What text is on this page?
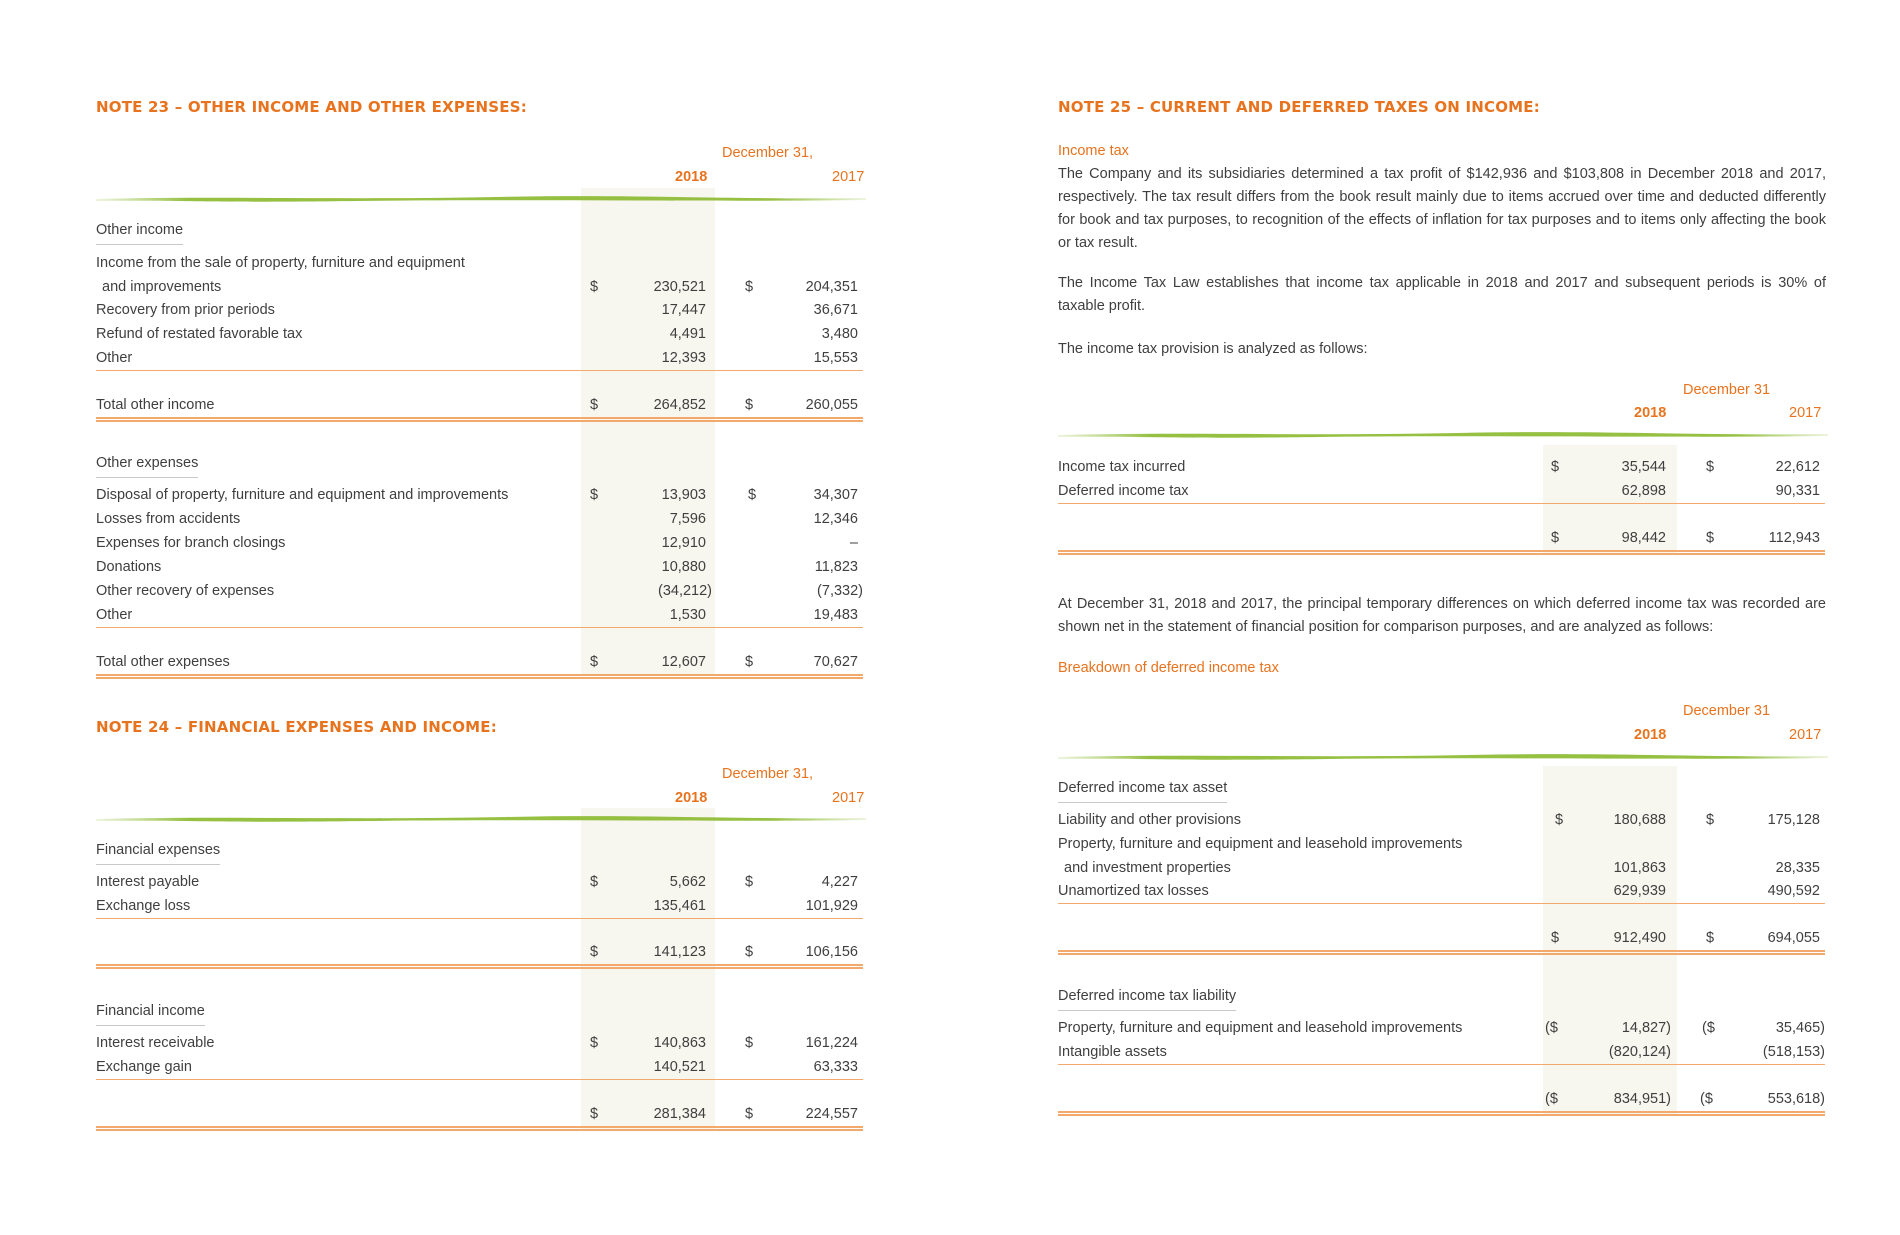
NOTE 23 – OTHER INCOME AND OTHER EXPENSES:
December 31,
2018	2017
Other income
Income from the sale of property, furniture and equipment
and improvements	$	230,521	$	204,351
Recovery from prior periods	17,447	36,671
Refund of restated favorable tax	4,491	3,480
Other	12,393	15,553
Total other income	$	264,852	$	260,055
Other expenses
Disposal of property, furniture and equipment and improvements	$	13,903	$	34,307
Losses from accidents	7,596	12,346
Expenses for branch closings	12,910	–
Donations	10,880	11,823
Other recovery of expenses	(34,212)	(7,332)
Other	1,530	19,483
Total other expenses	$	12,607	$	70,627
NOTE 24 – FINANCIAL EXPENSES AND INCOME:
December 31,
2018	2017
Financial expenses
Interest payable	$	5,662	$	4,227
Exchange loss	135,461	101,929
$	141,123	$	106,156
Financial income
Interest receivable	$	140,863	$	161,224
Exchange gain	140,521	63,333
$	281,384	$	224,557
NOTE 25 – CURRENT AND DEFERRED TAXES ON INCOME:
Income tax
The Company and its subsidiaries determined a tax profit of $142,936 and $103,808 in December 2018 and 2017, respectively. The tax result differs from the book result mainly due to items accrued over time and deducted differently for book and tax purposes, to recognition of the effects of inflation for tax purposes and to items only affecting the book or tax result.
The Income Tax Law establishes that income tax applicable in 2018 and 2017 and subsequent periods is 30% of taxable profit.
The income tax provision is analyzed as follows:
December 31
2018	2017
Income tax incurred	$	35,544	$	22,612
Deferred income tax	62,898	90,331
$	98,442	$	112,943
At December 31, 2018 and 2017, the principal temporary differences on which deferred income tax was recorded are shown net in the statement of financial position for comparison purposes, and are analyzed as follows:
Breakdown of deferred income tax
December 31
2018	2017
Deferred income tax asset
Liability and other provisions	$	180,688	$	175,128
Property, furniture and equipment and leasehold improvements
and investment properties	101,863	28,335
Unamortized tax losses	629,939	490,592
$	912,490	$	694,055
Deferred income tax liability
Property, furniture and equipment and leasehold improvements	($	14,827) ($	35,465)
Intangible assets	(820,124)	(518,153)
($	834,951) ($	553,618)
